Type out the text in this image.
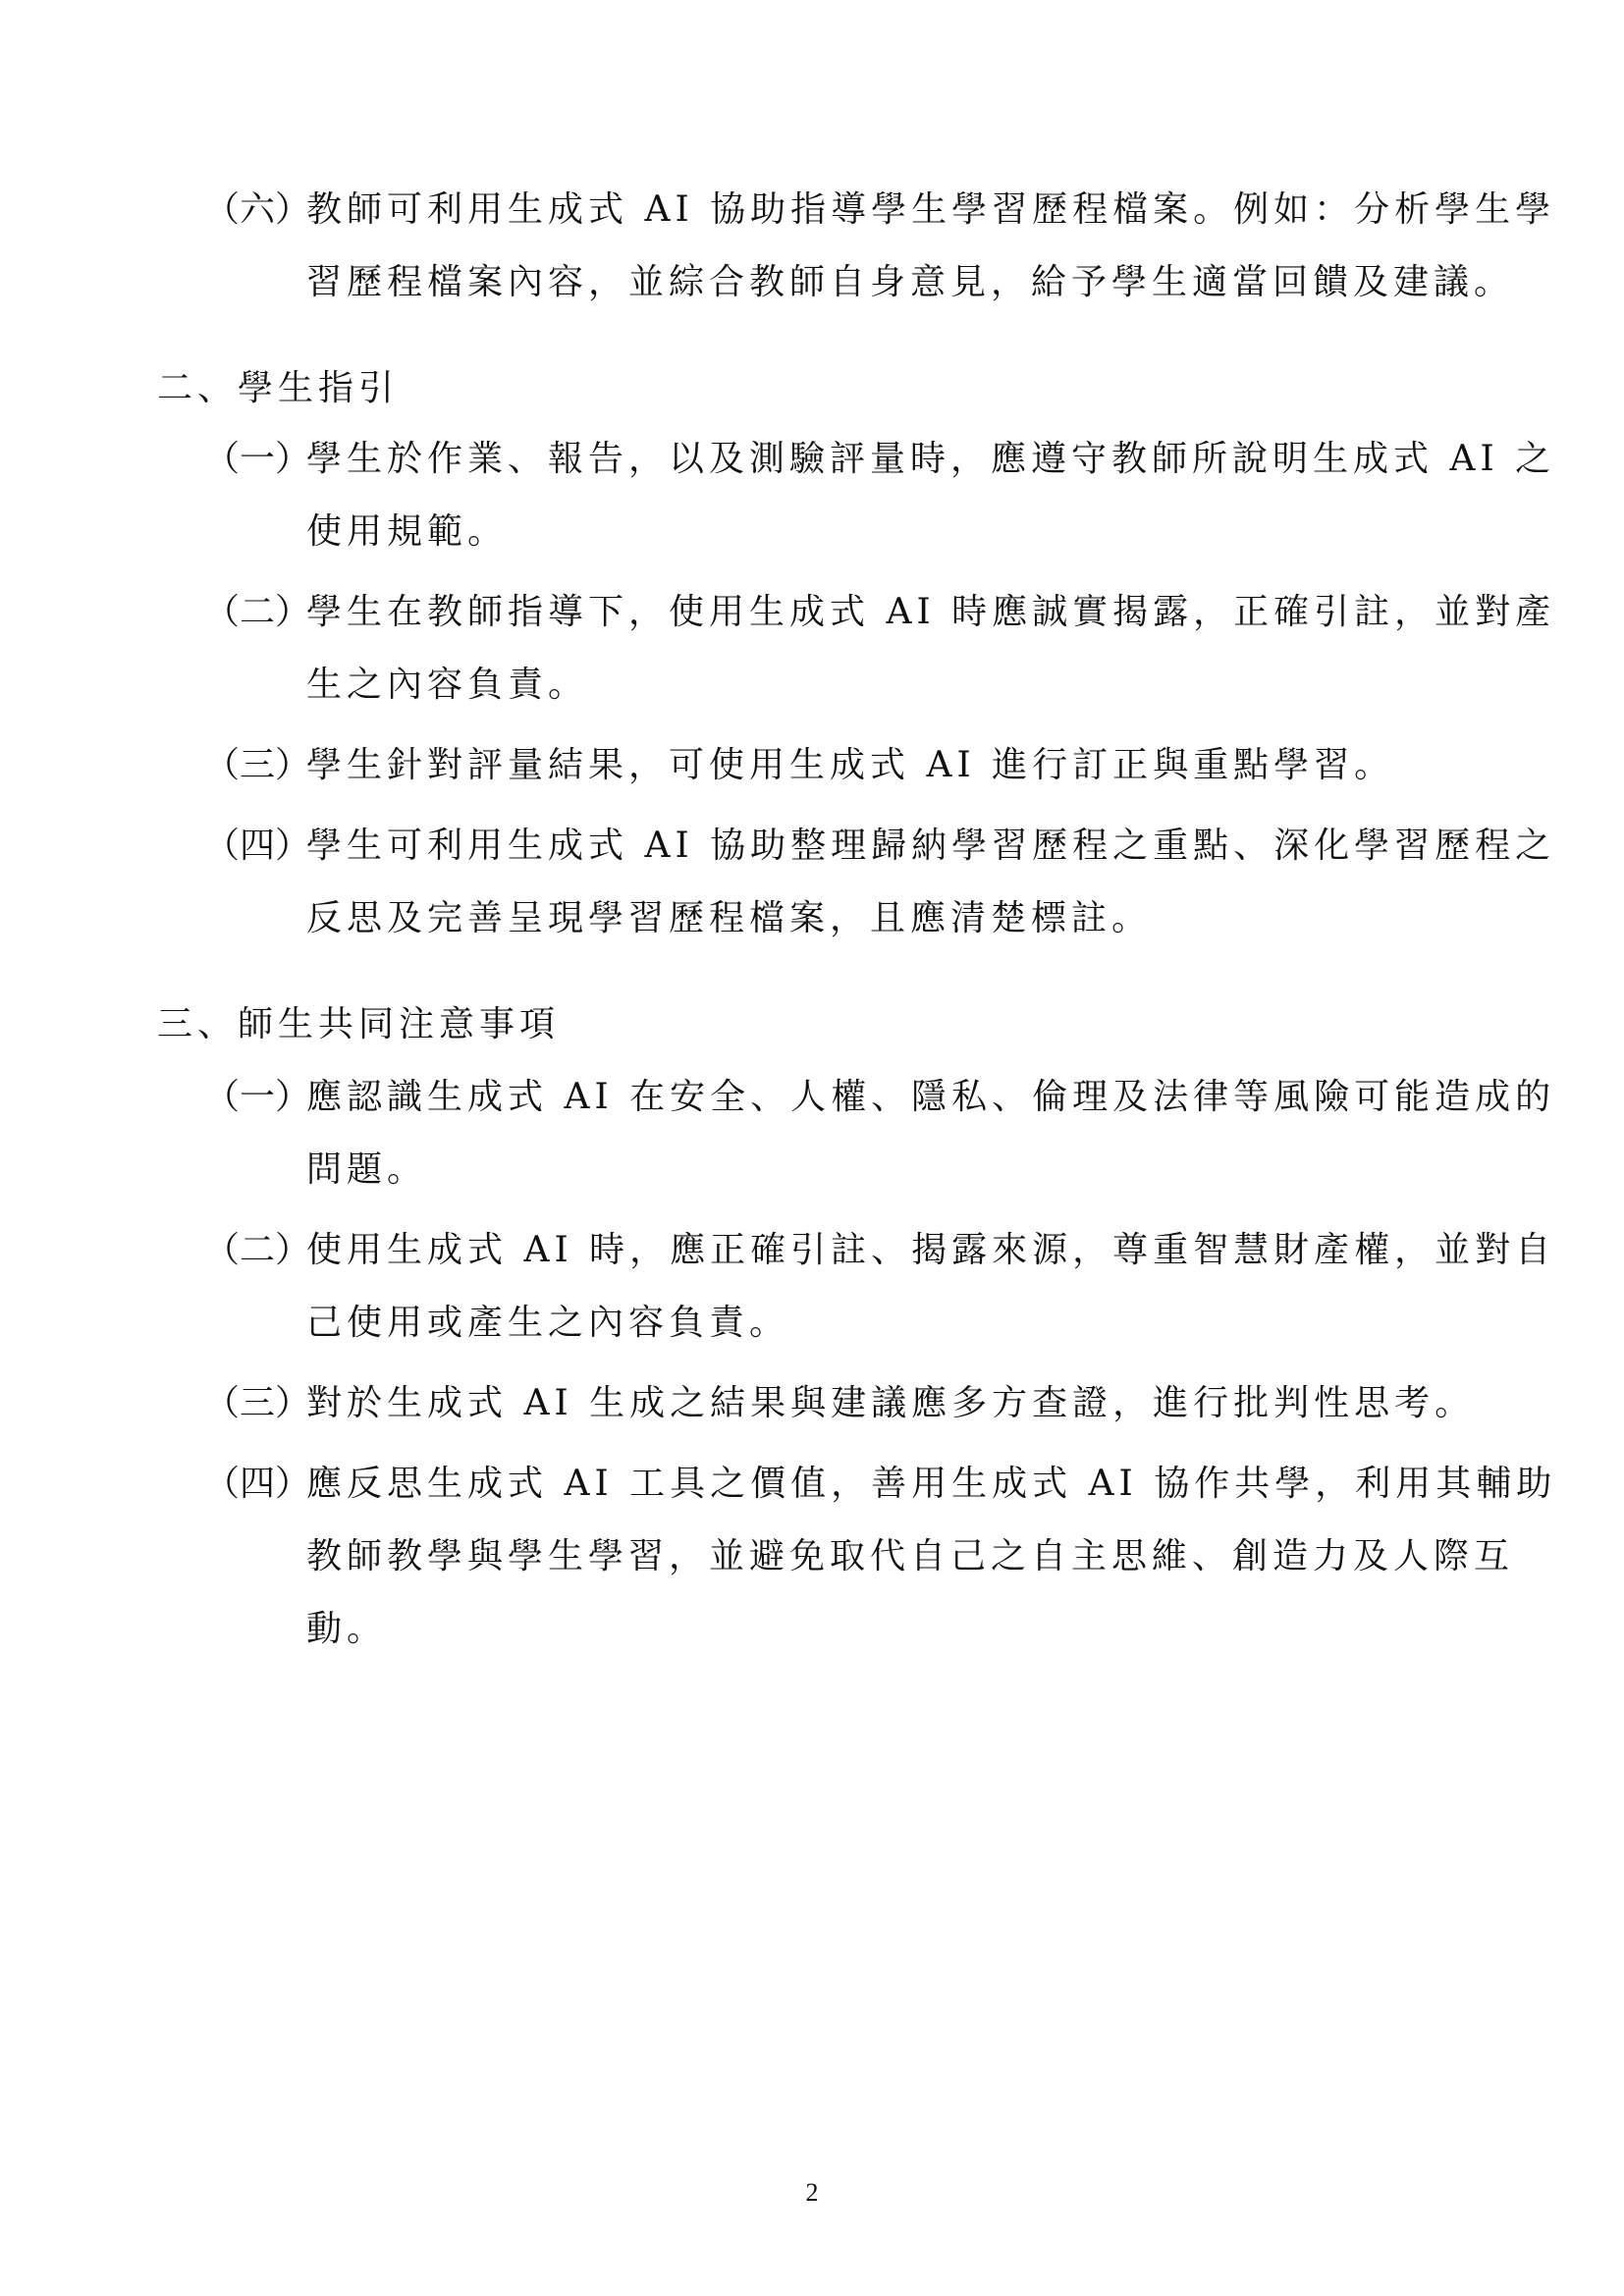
（六）
教師可利用生成式 AI 協助指導學生學習歷程檔案。例如：分析學生學
習歷程檔案內容，並綜合教師自身意見，給予學生適當回饋及建議。
二、學生指引
（一）
學生於作業、報告，以及測驗評量時，應遵守教師所說明生成式 AI 之
使用規範。
（二）
學生在教師指導下，使用生成式 AI 時應誠實揭露，正確引註，並對產
生之內容負責。
（三）
學生針對評量結果，可使用生成式 AI 進行訂正與重點學習。
（四）
學生可利用生成式 AI 協助整理歸納學習歷程之重點、深化學習歷程之
反思及完善呈現學習歷程檔案，且應清楚標註。
三、師生共同注意事項
（一）
應認識生成式 AI 在安全、人權、隱私、倫理及法律等風險可能造成的
問題。
（二）
使用生成式 AI 時，應正確引註、揭露來源，尊重智慧財產權，並對自
己使用或產生之內容負責。
（三）
對於生成式 AI 生成之結果與建議應多方查證，進行批判性思考。
（四）
應反思生成式 AI 工具之價值，善用生成式 AI 協作共學，利用其輔助
教師教學與學生學習，並避免取代自己之自主思維、創造力及人際互
動。
2
